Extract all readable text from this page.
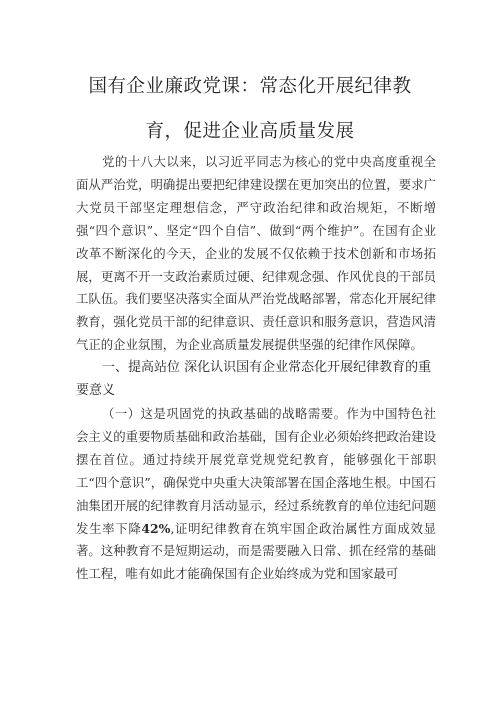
国有企业廉政党课：常态化开展纪律教
育，促进企业高质量发展

党的十八大以来，以习近平同志为核心的党中央高度重视全面从严治党，明确提出要把纪律建设摆在更加突出的位置，要求广大党员干部坚定理想信念，严守政治纪律和政治规矩，不断增强“四个意识”、坚定“四个自信”、做到“两个维护”。在国有企业改革不断深化的今天，企业的发展不仅依赖于技术创新和市场拓展，更离不开一支政治素质过硬、纪律观念强、作风优良的干部员工队伍。我们要坚决落实全面从严治党战略部署，常态化开展纪律教育，强化党员干部的纪律意识、责任意识和服务意识，营造风清气正的企业氛围，为企业高质量发展提供坚强的纪律作风保障。

一、提高站位 深化认识国有企业常态化开展纪律教育的重要意义

（一）这是巩固党的执政基础的战略需要。作为中国特色社会主义的重要物质基础和政治基础，国有企业必须始终把政治建设摆在首位。通过持续开展党章党规党纪教育，能够强化干部职工“四个意识”，确保党中央重大决策部署在国企落地生根。中国石油集团开展的纪律教育月活动显示，经过系统教育的单位违纪问题发生率下降42%,证明纪律教育在筑牢国企政治属性方面成效显著。这种教育不是短期运动，而是需要融入日常、抓在经常的基础性工程，唯有如此才能确保国有企业始终成为党和国家最可
